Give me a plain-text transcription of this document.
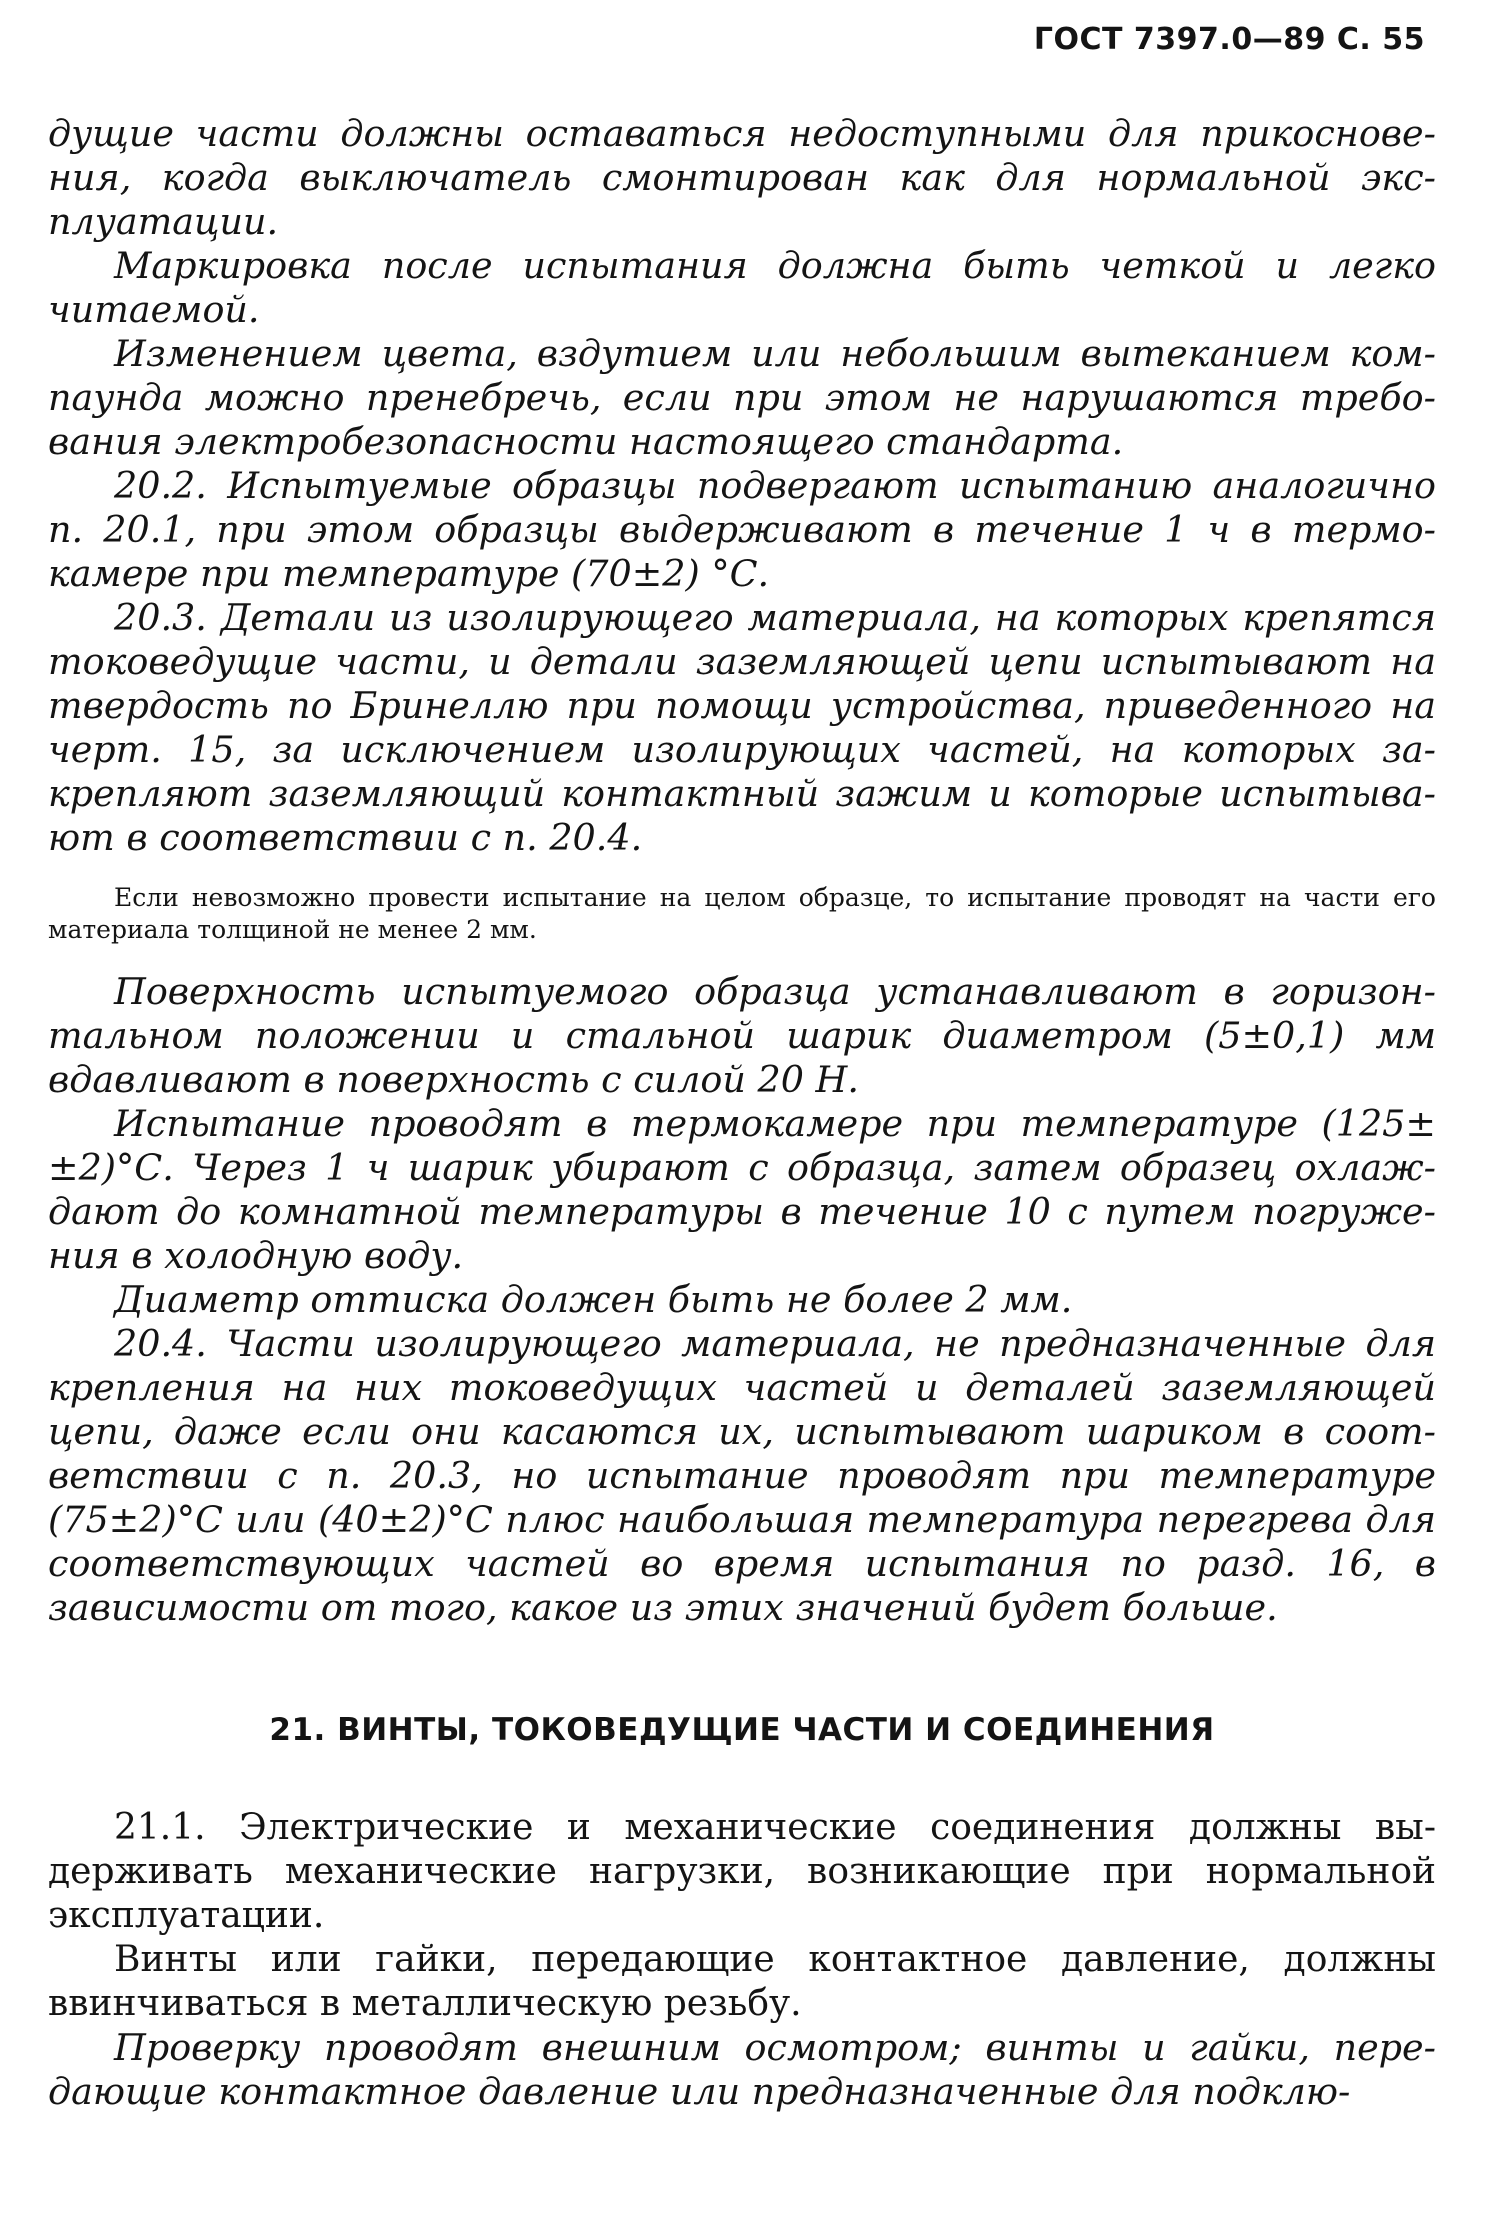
ГОСТ 7397.0—89 С. 55

дущие части должны оставаться недоступными для прикосновения, когда выключатель смонтирован как для нормальной эксплуатации.

Маркировка после испытания должна быть четкой и легко читаемой.

Изменением цвета, вздутием или небольшим вытеканием компаунда можно пренебречь, если при этом не нарушаются требования электробезопасности настоящего стандарта.

20.2. Испытуемые образцы подвергают испытанию аналогично п. 20.1, при этом образцы выдерживают в течение 1 ч в термокамере при температуре (70±2) °С.

20.3. Детали из изолирующего материала, на которых крепятся токоведущие части, и детали заземляющей цепи испытывают на твердость по Бринеллю при помощи устройства, приведенного на черт. 15, за исключением изолирующих частей, на которых закрепляют заземляющий контактный зажим и которые испытывают в соответствии с п. 20.4.

Если невозможно провести испытание на целом образце, то испытание проводят на части его материала толщиной не менее 2 мм.

Поверхность испытуемого образца устанавливают в горизонтальном положении и стальной шарик диаметром (5±0,1) мм вдавливают в поверхность с силой 20 Н.

Испытание проводят в термокамере при температуре (125± ±2)°С. Через 1 ч шарик убирают с образца, затем образец охлаждают до комнатной температуры в течение 10 с путем погружения в холодную воду.

Диаметр оттиска должен быть не более 2 мм.

20.4. Части изолирующего материала, не предназначенные для крепления на них токоведущих частей и деталей заземляющей цепи, даже если они касаются их, испытывают шариком в соответствии с п. 20.3, но испытание проводят при температуре (75±2)°С или (40±2)°С плюс наибольшая температура перегрева для соответствующих частей во время испытания по разд. 16, в зависимости от того, какое из этих значений будет больше.

21. ВИНТЫ, ТОКОВЕДУЩИЕ ЧАСТИ И СОЕДИНЕНИЯ

21.1. Электрические и механические соединения должны выдерживать механические нагрузки, возникающие при нормальной эксплуатации.

Винты или гайки, передающие контактное давление, должны ввинчиваться в металлическую резьбу.

Проверку проводят внешним осмотром; винты и гайки, передающие контактное давление или предназначенные для подклю-
